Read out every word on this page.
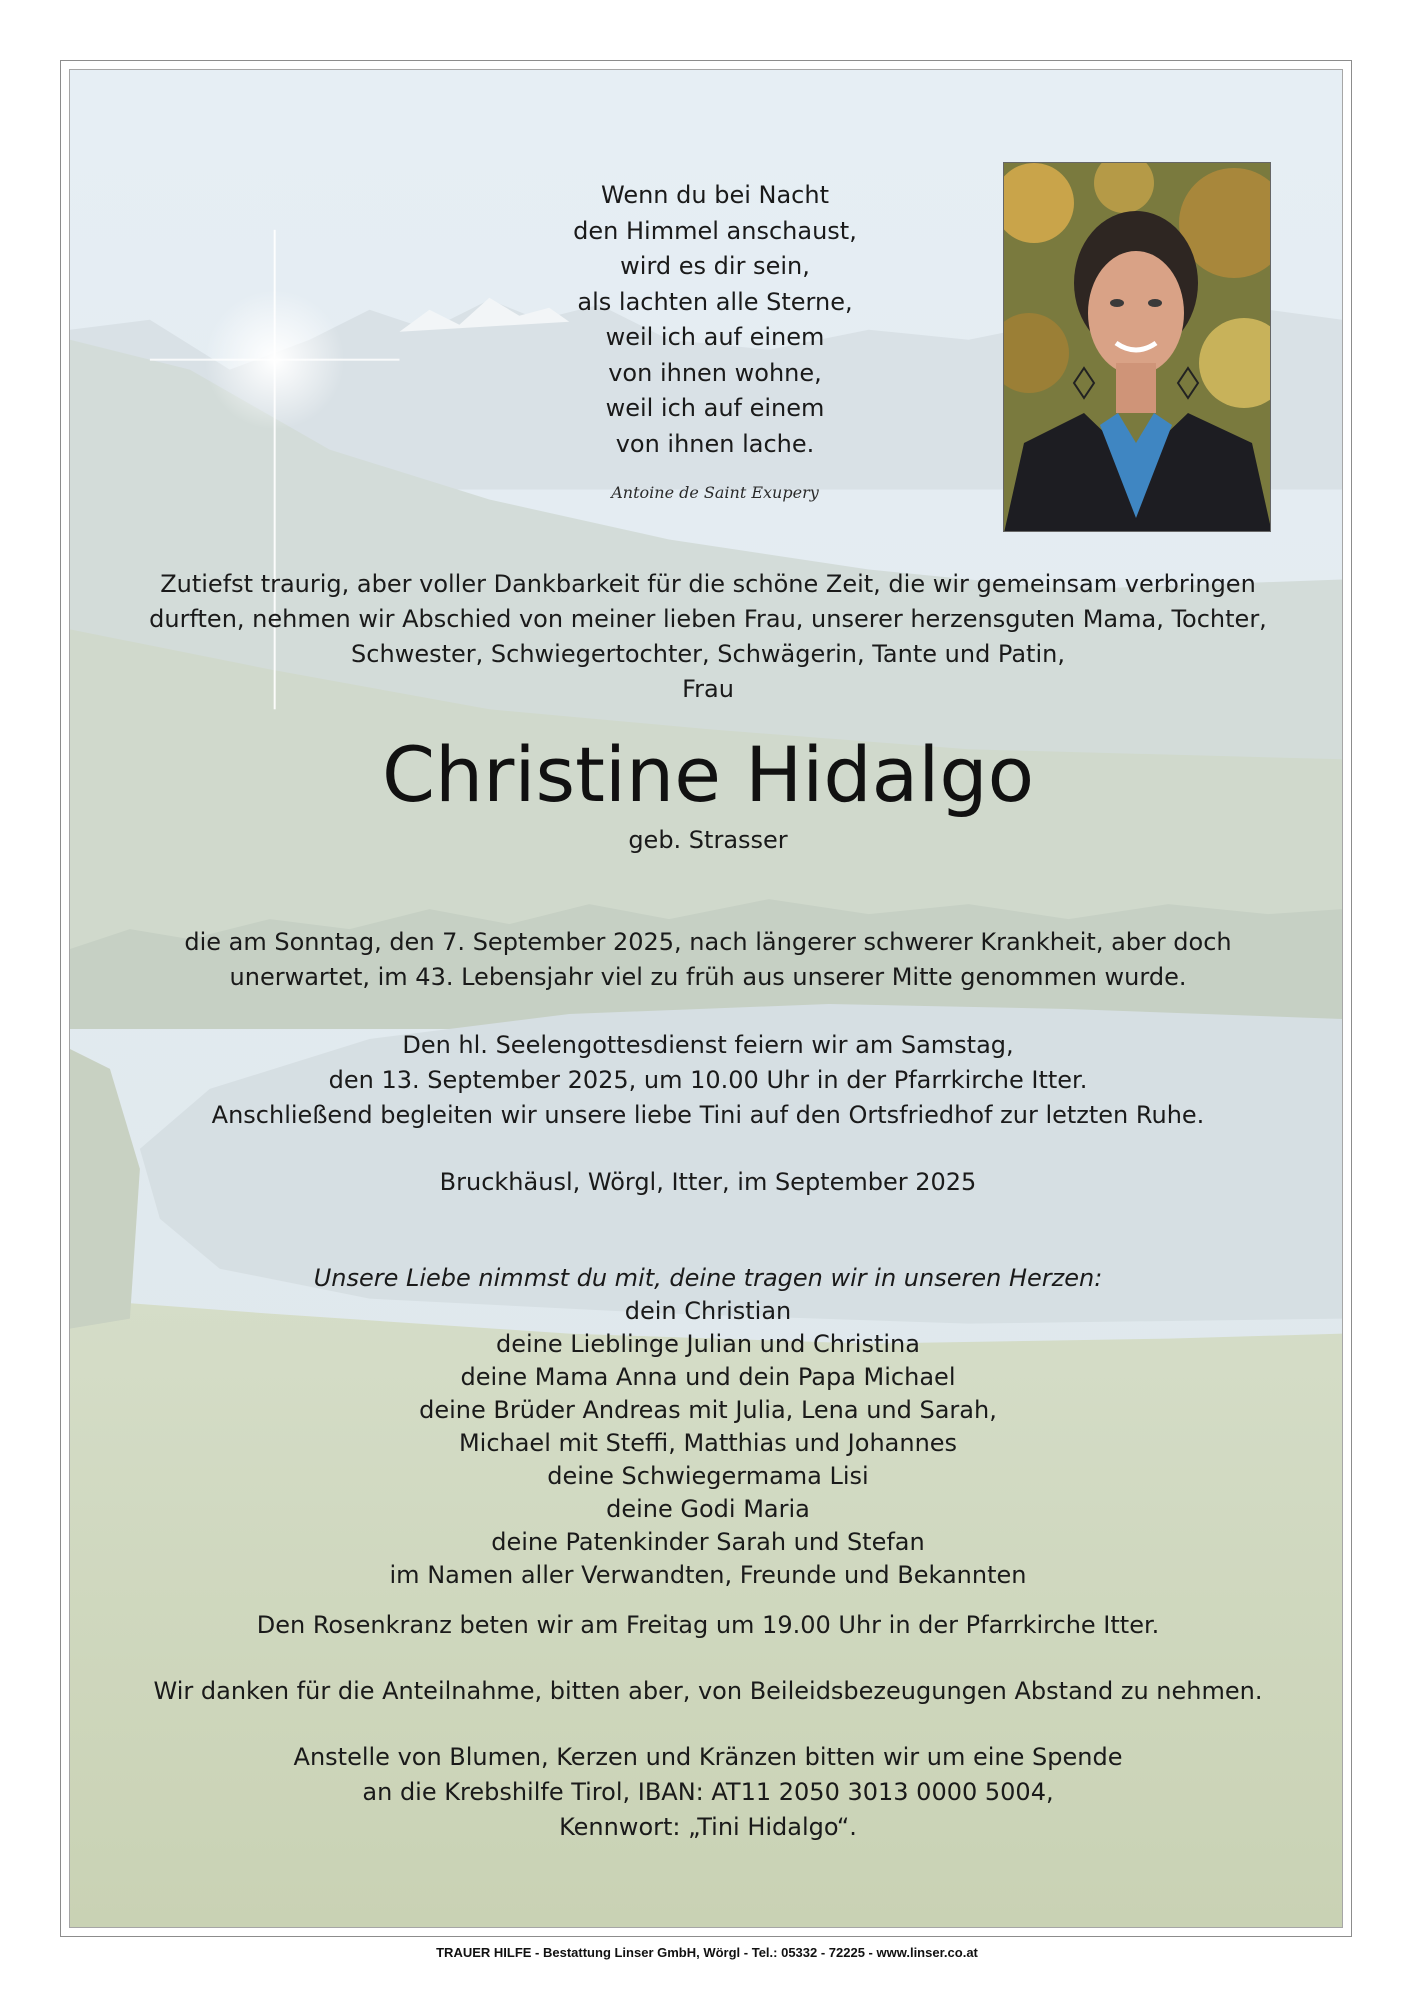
Wenn du bei Nacht
den Himmel anschaust,
wird es dir sein,
als lachten alle Sterne,
weil ich auf einem
von ihnen wohne,
weil ich auf einem
von ihnen lache.
Antoine de Saint Exupery
Zutiefst traurig, aber voller Dankbarkeit für die schöne Zeit, die wir gemeinsam verbringen
durften, nehmen wir Abschied von meiner lieben Frau, unserer herzensguten Mama, Tochter,
Schwester, Schwiegertochter, Schwägerin, Tante und Patin,
Frau
Christine Hidalgo
geb. Strasser
die am Sonntag, den 7. September 2025, nach längerer schwerer Krankheit, aber doch
unerwartet, im 43. Lebensjahr viel zu früh aus unserer Mitte genommen wurde.
Den hl. Seelengottesdienst feiern wir am Samstag,
den 13. September 2025, um 10.00 Uhr in der Pfarrkirche Itter.
Anschließend begleiten wir unsere liebe Tini auf den Ortsfriedhof zur letzten Ruhe.
Bruckhäusl, Wörgl, Itter, im September 2025
Unsere Liebe nimmst du mit, deine tragen wir in unseren Herzen:
dein Christian
deine Lieblinge Julian und Christina
deine Mama Anna und dein Papa Michael
deine Brüder Andreas mit Julia, Lena und Sarah,
Michael mit Steffi, Matthias und Johannes
deine Schwiegermama Lisi
deine Godi Maria
deine Patenkinder Sarah und Stefan
im Namen aller Verwandten, Freunde und Bekannten
Den Rosenkranz beten wir am Freitag um 19.00 Uhr in der Pfarrkirche Itter.
Wir danken für die Anteilnahme, bitten aber, von Beileidsbezeugungen Abstand zu nehmen.
Anstelle von Blumen, Kerzen und Kränzen bitten wir um eine Spende
an die Krebshilfe Tirol, IBAN: AT11 2050 3013 0000 5004,
Kennwort: „Tini Hidalgo“.
TRAUER HILFE - Bestattung Linser GmbH, Wörgl - Tel.: 05332 - 72225 - www.linser.co.at
